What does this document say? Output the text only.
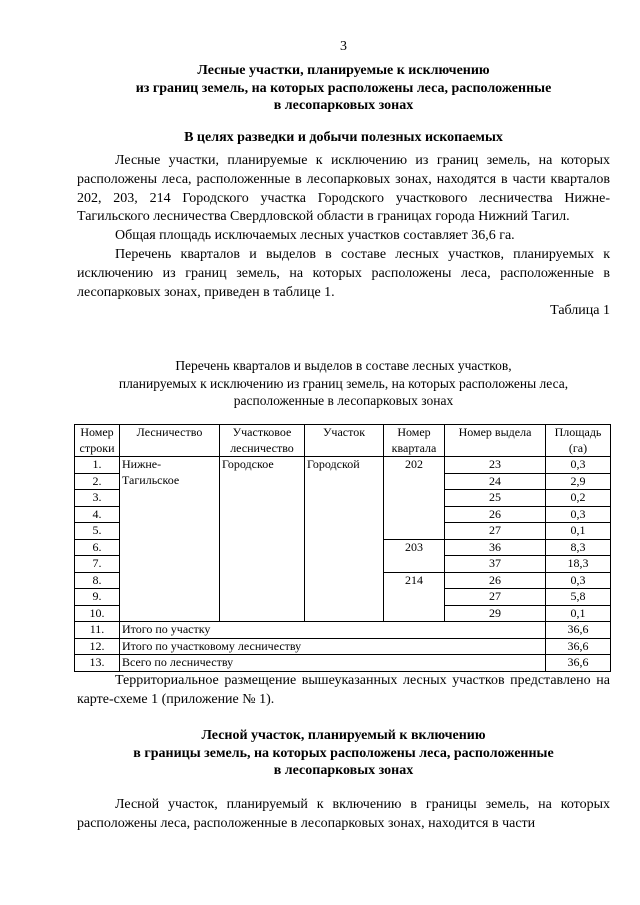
3
Лесные участки, планируемые к исключению
из границ земель, на которых расположены леса, расположенные
в лесопарковых зонах
В целях разведки и добычи полезных ископаемых

Лесные участки, планируемые к исключению из границ земель, на которых расположены леса, расположенные в лесопарковых зонах, находятся в части кварталов 202, 203, 214 Городского участка Городского участкового лесничества Нижне-Тагильского лесничества Свердловской области в границах города Нижний Тагил.

Общая площадь исключаемых лесных участков составляет 36,6 га.

Перечень кварталов и выделов в составе лесных участков, планируемых к исключению из границ земель, на которых расположены леса, расположенные в лесопарковых зонах, приведен в таблице 1.

Таблица 1
Перечень кварталов и выделов в составе лесных участков,
планируемых к исключению из границ земель, на которых расположены леса,
расположенные в лесопарковых зонах
Номер строки	Лесничество	Участковое лесничество	Участок	Номер квартала	Номер выдела	Площадь (га)
1.	Нижне-Тагильское	Городское	Городской	202	23	0,3
2.					24	2,9
3.					25	0,2
4.					26	0,3
5.					27	0,1
6.				203	36	8,3
7.					37	18,3
8.				214	26	0,3
9.					27	5,8
10.					29	0,1
11.	Итого по участку					36,6
12.	Итого по участковому лесничеству					36,6
13.	Всего по лесничеству					36,6

Территориальное размещение вышеуказанных лесных участков представлено на карте-схеме 1 (приложение № 1).

Лесной участок, планируемый к включению
в границы земель, на которых расположены леса, расположенные
в лесопарковых зонах

Лесной участок, планируемый к включению в границы земель, на которых расположены леса, расположенные в лесопарковых зонах, находится в части
